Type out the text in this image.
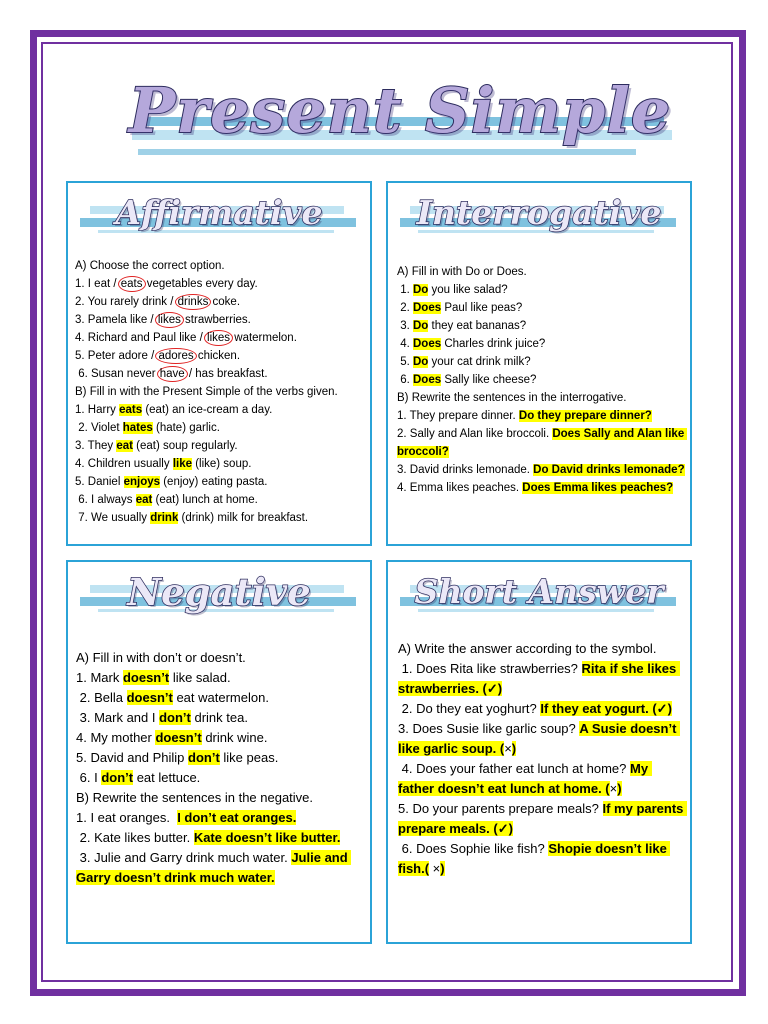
Present Simple
Affirmative
A) Choose the correct option.
1. I eat / eats vegetables every day.
2. You rarely drink / drinks coke.
3. Pamela like / likes strawberries.
4. Richard and Paul like / likes watermelon.
5. Peter adore / adores chicken.
6. Susan never have / has breakfast.
B) Fill in with the Present Simple of the verbs given.
1. Harry eats (eat) an ice-cream a day.
2. Violet hates (hate) garlic.
3. They eat (eat) soup regularly.
4. Children usually like (like) soup.
5. Daniel enjoys (enjoy) eating pasta.
6. I always eat (eat) lunch at home.
7. We usually drink (drink) milk for breakfast.
Interrogative
A) Fill in with Do or Does.
1. Do you like salad?
2. Does Paul like peas?
3. Do they eat bananas?
4. Does Charles drink juice?
5. Do your cat drink milk?
6. Does Sally like cheese?
B) Rewrite the sentences in the interrogative.
1. They prepare dinner. Do they prepare dinner?
2. Sally and Alan like broccoli. Does Sally and Alan like broccoli?
3. David drinks lemonade. Do David drinks lemonade?
4. Emma likes peaches. Does Emma likes peaches?
Negative
A) Fill in with don’t or doesn’t.
1. Mark doesn’t like salad.
2. Bella doesn’t eat watermelon.
3. Mark and I don’t drink tea.
4. My mother doesn’t drink wine.
5. David and Philip don’t like peas.
6. I don’t eat lettuce.
B) Rewrite the sentences in the negative.
1. I eat oranges.  I don’t eat oranges.
2. Kate likes butter. Kate doesn’t like butter.
3. Julie and Garry drink much water. Julie and Garry doesn’t drink much water.
Short Answer
A) Write the answer according to the symbol.
1. Does Rita like strawberries? Rita if she likes strawberries. (✓)
2. Do they eat yoghurt? If they eat yogurt. (✓)
3. Does Susie like garlic soup? A Susie doesn’t like garlic soup. (×)
4. Does your father eat lunch at home? My father doesn’t eat lunch at home. (×)
5. Do your parents prepare meals? If my parents prepare meals. (✓)
6. Does Sophie like fish? Shopie doesn’t like fish.( ×)
